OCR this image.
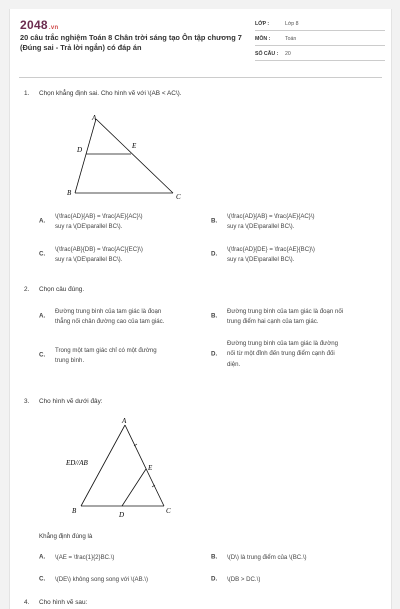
2048.vn
20 câu trắc nghiệm Toán 8 Chân trời sáng tạo Ôn tập chương 7 (Đúng sai - Trả lời ngắn) có đáp án
LỚP :	Lớp 8
MÔN :	Toán
SỐ CÂU :	20
1. Chọn khẳng định sai. Cho hình vẽ với \(AB < AC\).
A
B	C
D	E
A.
\(\frac{AD}{AB} = \frac{AE}{AC}\)
suy ra \(DE\parallel BC\).
B.
\(\frac{AD}{AB} = \frac{AE}{AC}\)
suy ra \(DE\parallel BC\).
C.
\(\frac{AB}{DB} = \frac{AC}{EC}\)
suy ra \(DE\parallel BC\).
D.
\(\frac{AD}{DE} = \frac{AE}{BC}\)
suy ra \(DE\parallel BC\).
2. Chọn câu đúng.
A.
Đường trung bình của tam giác là đoạn
thẳng nối chân đường cao của tam giác.
B.
Đường trung bình của tam giác là đoạn nối
trung điểm hai cạnh của tam giác.
C.
Trong một tam giác chỉ có một đường
trung bình.
D.
Đường trung bình của tam giác là đường
nối từ một đỉnh đến trung điểm cạnh đối
diện.
3. Cho hình vẽ dưới đây:
A
B	C
D
E
ED//AB
Khẳng định đúng là
A. \(AE = \frac{1}{2}BC.\)	B. \(D\) là trung điểm của \(BC.\)
C. \(DE\) không song song với \(AB.\)	D. \(DB > DC.\)
4. Cho hình vẽ sau:
